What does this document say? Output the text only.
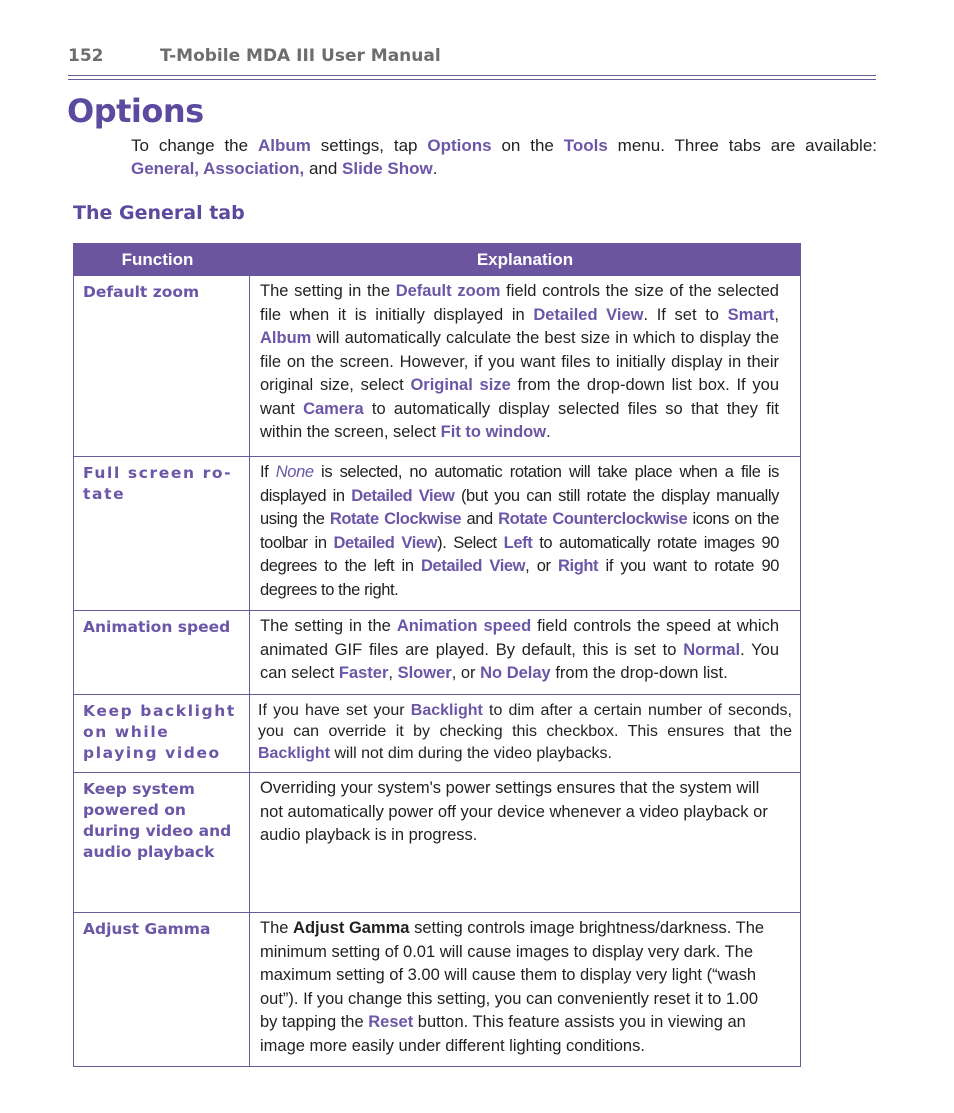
152	T-Mobile MDA III User Manual
Options

To change the Album settings, tap Options on the Tools menu. Three tabs are available: General, Association, and Slide Show.

The General tab
Function	Explanation
Default zoom	The setting in the Default zoom field controls the size of the selected file when it is initially displayed in Detailed View. If set to Smart, Album will automatically calculate the best size in which to display the file on the screen. However, if you want files to initially display in their original size, select Original size from the drop-down list box. If you want Camera to automatically display selected files so that they fit within the screen, select Fit to window.
Full screen ro-tate	If None is selected, no automatic rotation will take place when a file is displayed in Detailed View (but you can still rotate the display manually using the Rotate Clockwise and Rotate Counterclockwise icons on the toolbar in Detailed View). Select Left to automatically rotate images 90 degrees to the left in Detailed View, or Right if you want to rotate 90 degrees to the right.
Animation speed	The setting in the Animation speed field controls the speed at which animated GIF files are played. By default, this is set to Normal. You can select Faster, Slower, or No Delay from the drop-down list.
Keep backlight on while playing video	If you have set your Backlight to dim after a certain number of seconds, you can override it by checking this checkbox. This ensures that the Backlight will not dim during the video playbacks.
Keep system powered on during video and audio playback	Overriding your system's power settings ensures that the system will not automatically power off your device whenever a video playback or audio playback is in progress.
Adjust Gamma	The Adjust Gamma setting controls image brightness/darkness. The minimum setting of 0.01 will cause images to display very dark. The maximum setting of 3.00 will cause them to display very light (“wash out”). If you change this setting, you can conveniently reset it to 1.00 by tapping the Reset button. This feature assists you in viewing an image more easily under different lighting conditions.
